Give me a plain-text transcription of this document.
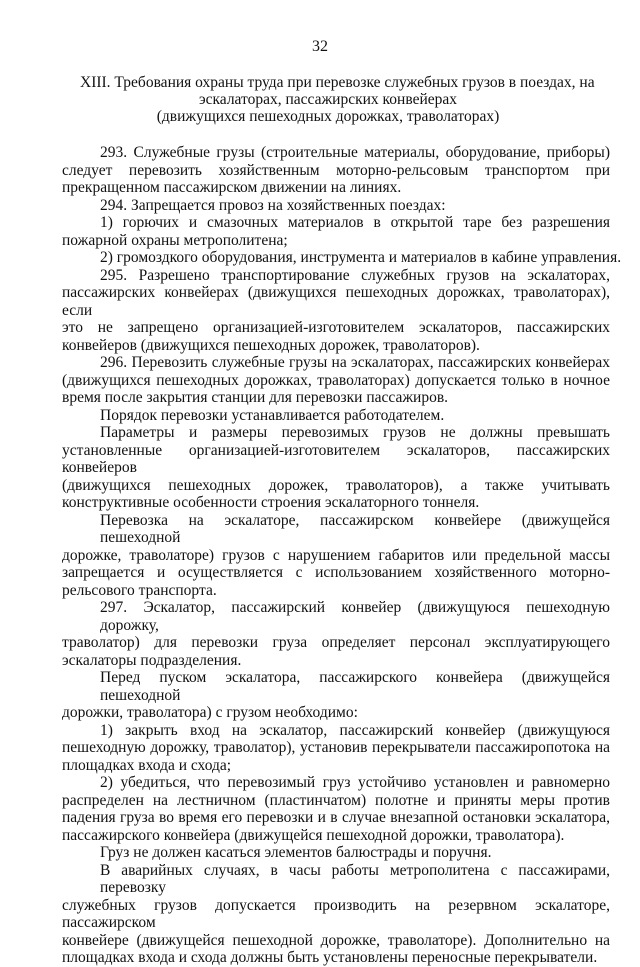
32
XIII. Требования охраны труда при перевозке служебных грузов в поездах, на
эскалаторах, пассажирских конвейерах
(движущихся пешеходных дорожках, траволаторах)
293. Служебные грузы (строительные материалы, оборудование, приборы)
следует перевозить хозяйственным моторно-рельсовым транспортом при
прекращенном пассажирском движении на линиях.
294. Запрещается провоз на хозяйственных поездах:
1) горючих и смазочных материалов в открытой таре без разрешения
пожарной охраны метрополитена;
2) громоздкого оборудования, инструмента и материалов в кабине управления.
295. Разрешено транспортирование служебных грузов на эскалаторах,
пассажирских конвейерах (движущихся пешеходных дорожках, траволаторах), если
это не запрещено организацией-изготовителем эскалаторов, пассажирских
конвейеров (движущихся пешеходных дорожек, траволаторов).
296. Перевозить служебные грузы на эскалаторах, пассажирских конвейерах
(движущихся пешеходных дорожках, траволаторах) допускается только в ночное
время после закрытия станции для перевозки пассажиров.
Порядок перевозки устанавливается работодателем.
Параметры и размеры перевозимых грузов не должны превышать
установленные организацией-изготовителем эскалаторов, пассажирских конвейеров
(движущихся пешеходных дорожек, траволаторов), а также учитывать
конструктивные особенности строения эскалаторного тоннеля.
Перевозка на эскалаторе, пассажирском конвейере (движущейся пешеходной
дорожке, траволаторе) грузов с нарушением габаритов или предельной массы
запрещается и осуществляется с использованием хозяйственного моторно-
рельсового транспорта.
297. Эскалатор, пассажирский конвейер (движущуюся пешеходную дорожку,
траволатор) для перевозки груза определяет персонал эксплуатирующего
эскалаторы подразделения.
Перед пуском эскалатора, пассажирского конвейера (движущейся пешеходной
дорожки, траволатора) с грузом необходимо:
1) закрыть вход на эскалатор, пассажирский конвейер (движущуюся
пешеходную дорожку, траволатор), установив перекрыватели пассажиропотока на
площадках входа и схода;
2) убедиться, что перевозимый груз устойчиво установлен и равномерно
распределен на лестничном (пластинчатом) полотне и приняты меры против
падения груза во время его перевозки и в случае внезапной остановки эскалатора,
пассажирского конвейера (движущейся пешеходной дорожки, траволатора).
Груз не должен касаться элементов балюстрады и поручня.
В аварийных случаях, в часы работы метрополитена с пассажирами, перевозку
служебных грузов допускается производить на резервном эскалаторе, пассажирском
конвейере (движущейся пешеходной дорожке, траволаторе). Дополнительно на
площадках входа и схода должны быть установлены переносные перекрыватели.
